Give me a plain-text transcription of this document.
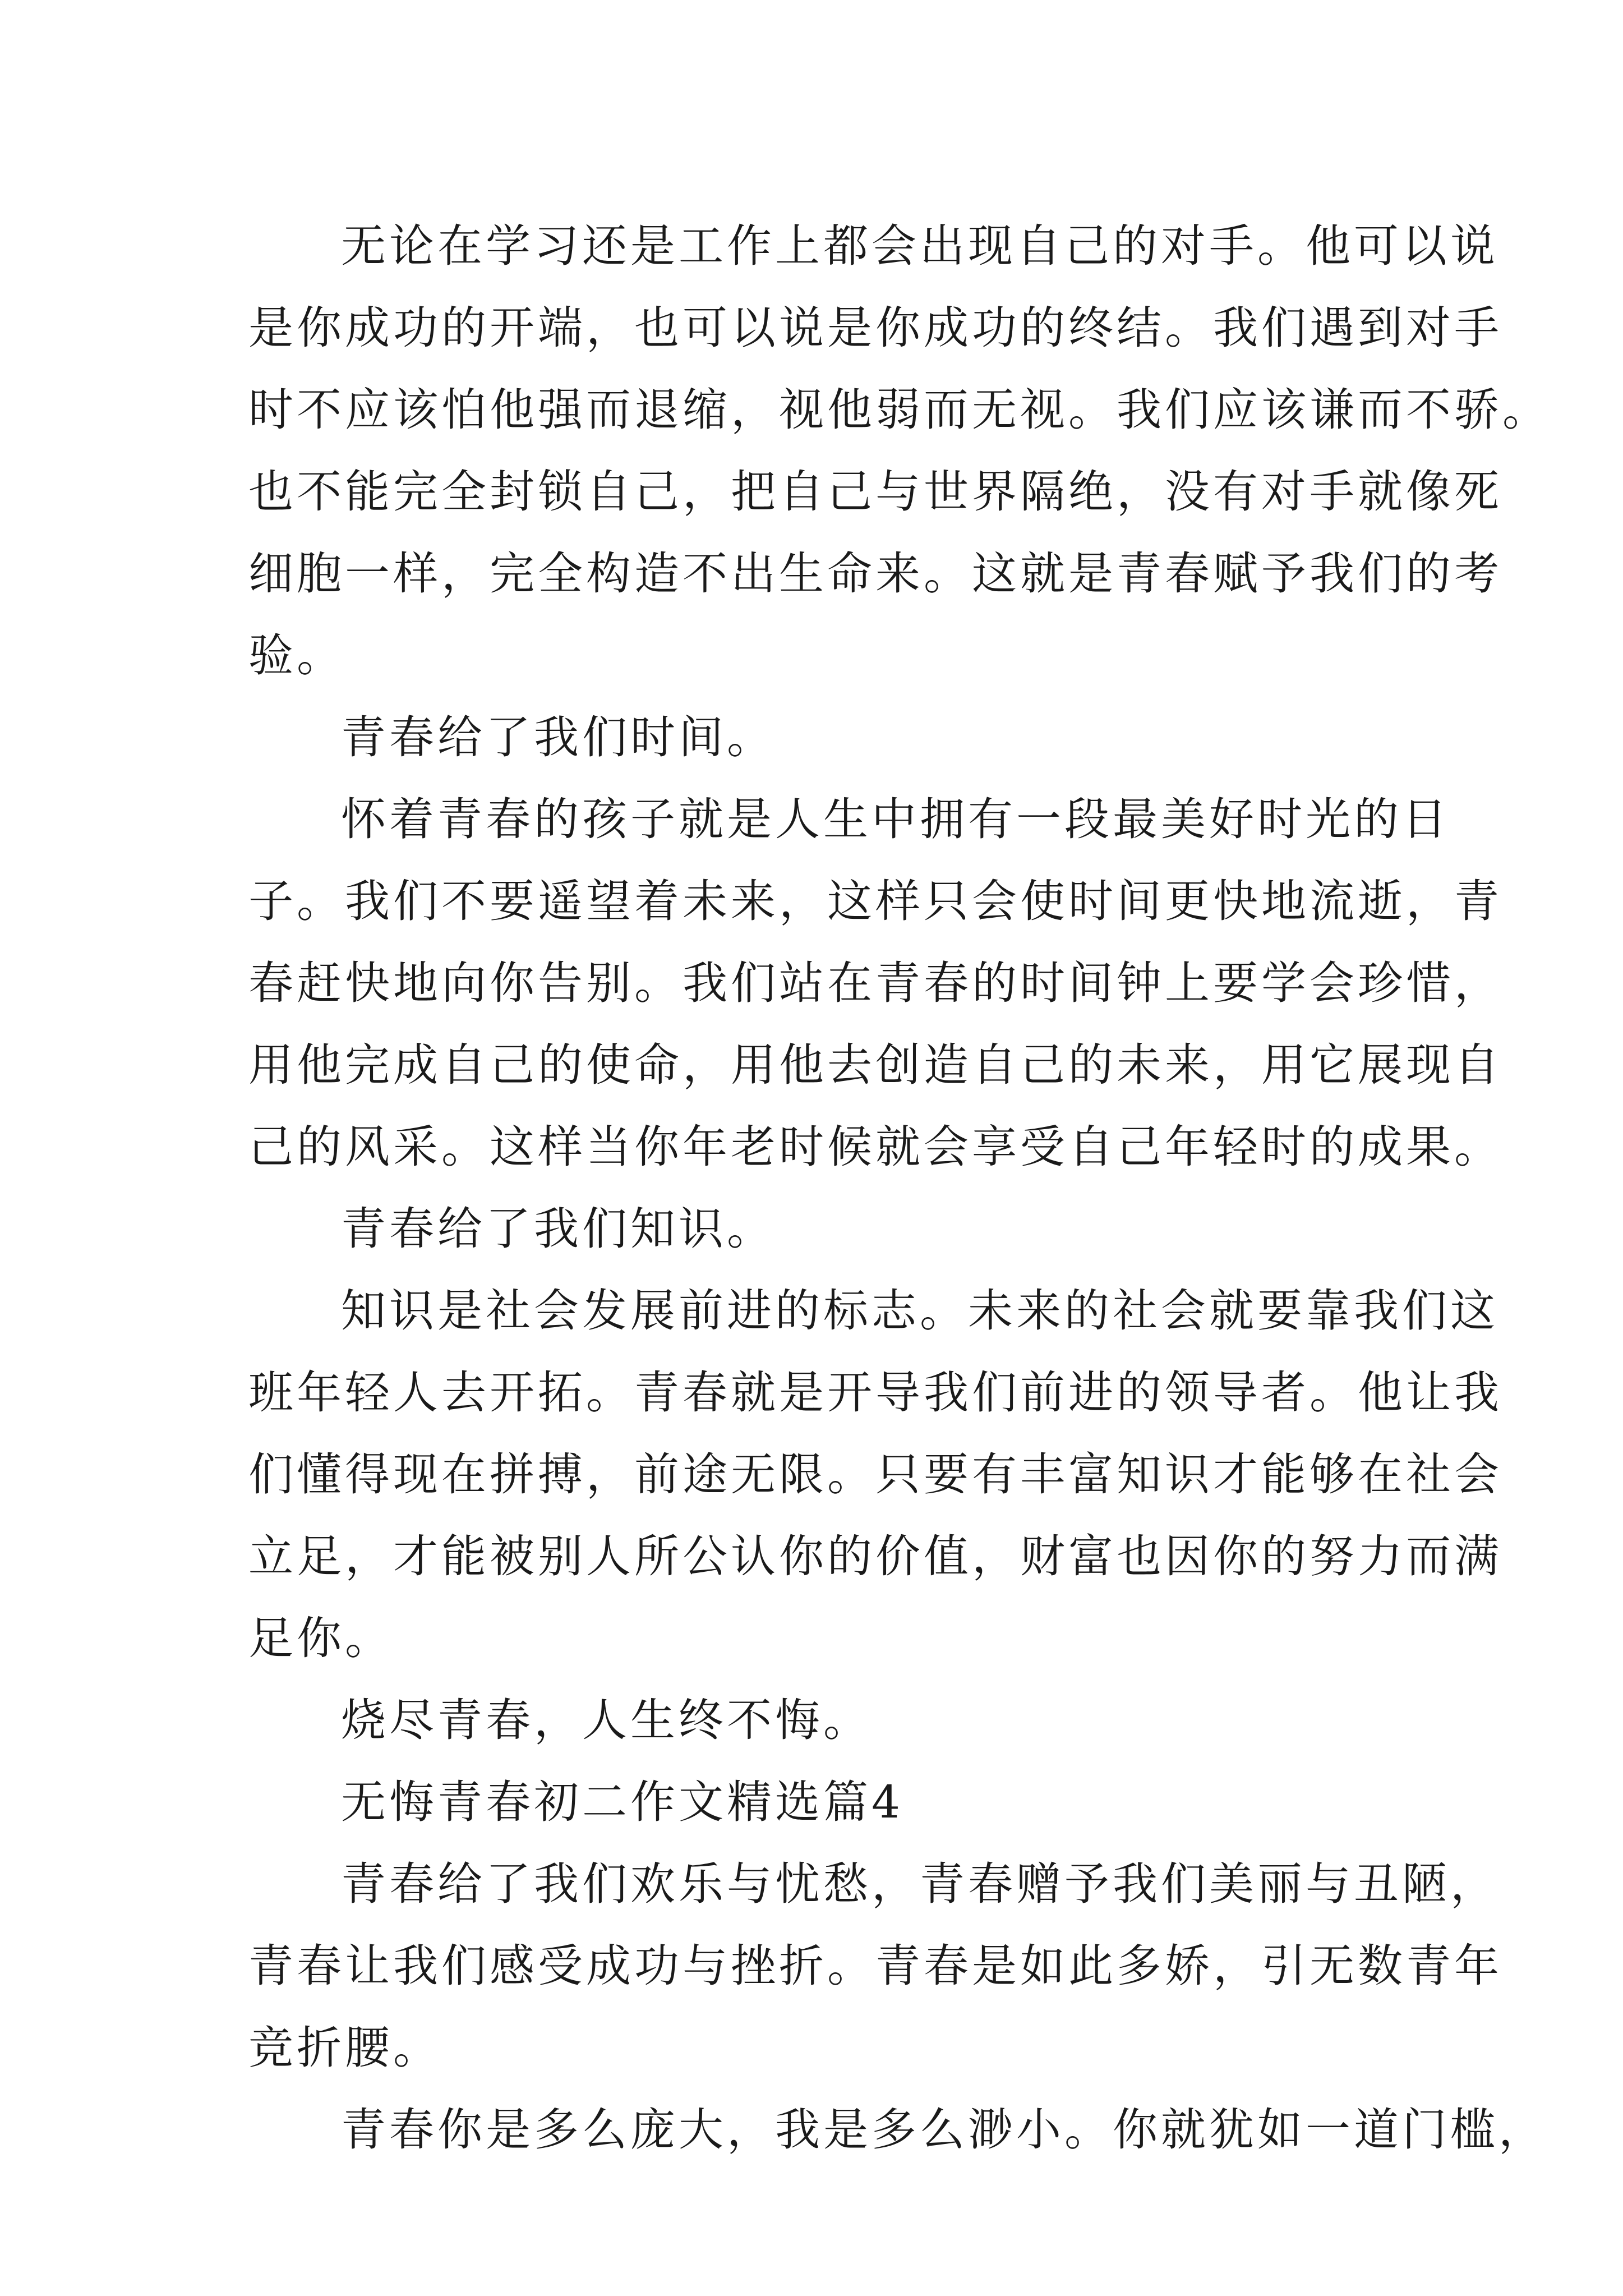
无论在学习还是工作上都会出现自己的对手。他可以说
是你成功的开端，也可以说是你成功的终结。我们遇到对手
时不应该怕他强而退缩，视他弱而无视。我们应该谦而不骄。
也不能完全封锁自己，把自己与世界隔绝，没有对手就像死
细胞一样，完全构造不出生命来。这就是青春赋予我们的考
验。

青春给了我们时间。

怀着青春的孩子就是人生中拥有一段最美好时光的日
子。我们不要遥望着未来，这样只会使时间更快地流逝，青
春赶快地向你告别。我们站在青春的时间钟上要学会珍惜，
用他完成自己的使命，用他去创造自己的未来，用它展现自
己的风采。这样当你年老时候就会享受自己年轻时的成果。

青春给了我们知识。

知识是社会发展前进的标志。未来的社会就要靠我们这
班年轻人去开拓。青春就是开导我们前进的领导者。他让我
们懂得现在拼搏，前途无限。只要有丰富知识才能够在社会
立足，才能被别人所公认你的价值，财富也因你的努力而满
足你。

烧尽青春，人生终不悔。

无悔青春初二作文精选篇4

青春给了我们欢乐与忧愁，青春赠予我们美丽与丑陋，
青春让我们感受成功与挫折。青春是如此多娇，引无数青年
竞折腰。

青春你是多么庞大，我是多么渺小。你就犹如一道门槛，
